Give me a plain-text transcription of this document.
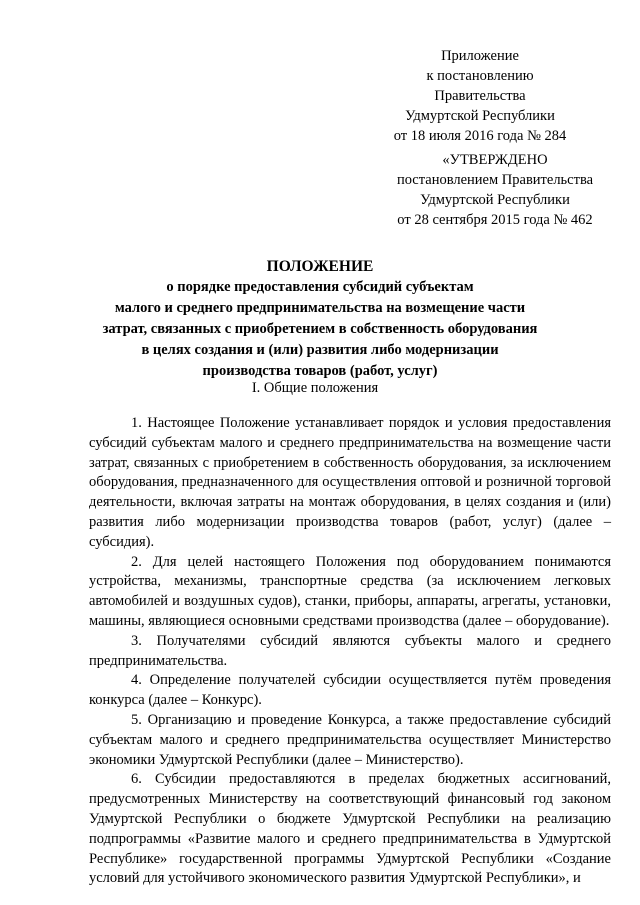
Приложение
к постановлению Правительства
Удмуртской Республики
от 18 июля 2016 года № 284
«УТВЕРЖДЕНО
постановлением Правительства
Удмуртской Республики
от 28 сентября 2015 года № 462
ПОЛОЖЕНИЕ
о порядке предоставления субсидий субъектам
малого и среднего предпринимательства на возмещение части
затрат, связанных с приобретением в собственность оборудования
в целях создания и (или) развития либо модернизации
производства товаров (работ, услуг)
I. Общие положения

1. Настоящее Положение устанавливает порядок и условия предоставления субсидий субъектам малого и среднего предпринимательства на возмещение части затрат, связанных с приобретением в собственность оборудования, за исключением оборудования, предназначенного для осуществления оптовой и розничной торговой деятельности, включая затраты на монтаж оборудования, в целях создания и (или) развития либо модернизации производства товаров (работ, услуг) (далее – субсидия).

2. Для целей настоящего Положения под оборудованием понимаются устройства, механизмы, транспортные средства (за исключением легковых автомобилей и воздушных судов), станки, приборы, аппараты, агрегаты, установки, машины, являющиеся основными средствами производства (далее – оборудование).

3. Получателями субсидий являются субъекты малого и среднего предпринимательства.

4. Определение получателей субсидии осуществляется путём проведения конкурса (далее – Конкурс).

5. Организацию и проведение Конкурса, а также предоставление субсидий субъектам малого и среднего предпринимательства осуществляет Министерство экономики Удмуртской Республики (далее – Министерство).

6. Субсидии предоставляются в пределах бюджетных ассигнований, предусмотренных Министерству на соответствующий финансовый год законом Удмуртской Республики о бюджете Удмуртской Республики на реализацию подпрограммы «Развитие малого и среднего предпринимательства в Удмуртской Республике» государственной программы Удмуртской Республики «Создание условий для устойчивого экономического развития Удмуртской Республики», и
